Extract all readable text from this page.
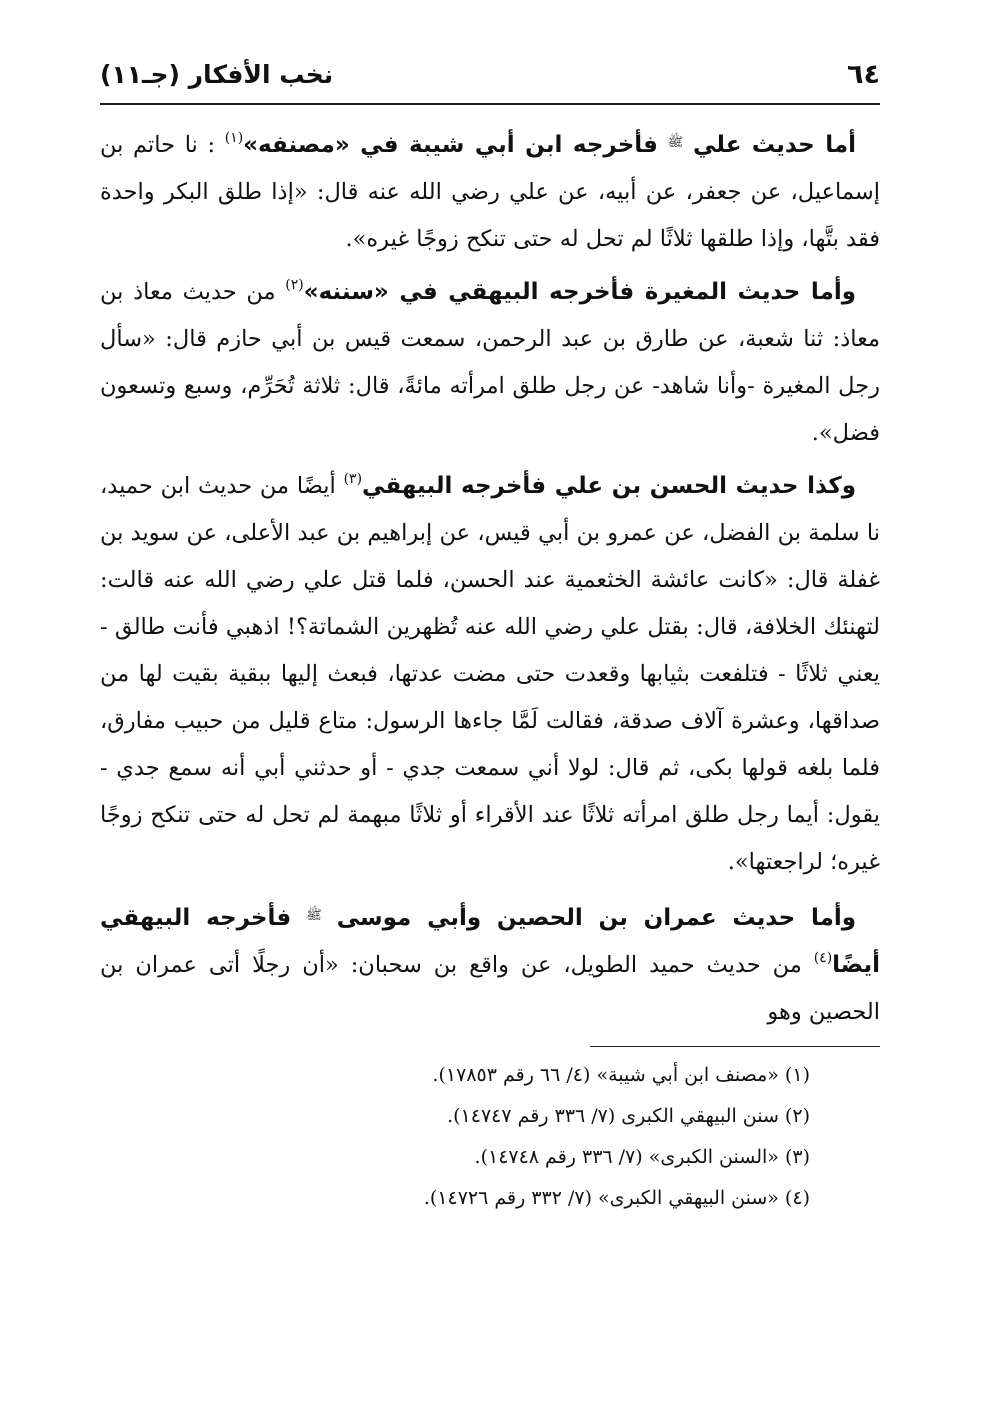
٦٤
نخب الأفكار (جـ١١)

أما حديث علي $^ﷺ$ فأخرجه ابن أبي شيبة في «مصنفه»$^{(١)}$ : نا حاتم بن إسماعيل، عن جعفر، عن أبيه، عن علي رضي الله عنه قال: «إذا طلق البكر واحدة فقد بتَّها، وإذا طلقها ثلاثًا لم تحل له حتى تنكح زوجًا غيره».

وأما حديث المغيرة فأخرجه البيهقي في «سننه»$^{(٢)}$ من حديث معاذ بن معاذ: ثنا شعبة، عن طارق بن عبد الرحمن، سمعت قيس بن أبي حازم قال: «سأل رجل المغيرة -وأنا شاهد- عن رجل طلق امرأته مائةً، قال: ثلاثة تُحَرِّم، وسبع وتسعون فضل».

وكذا حديث الحسن بن علي فأخرجه البيهقي$^{(٣)}$ أيضًا من حديث ابن حميد، نا سلمة بن الفضل، عن عمرو بن أبي قيس، عن إبراهيم بن عبد الأعلى، عن سويد بن غفلة قال: «كانت عائشة الخثعمية عند الحسن، فلما قتل علي رضي الله عنه قالت: لتهنئك الخلافة، قال: بقتل علي رضي الله عنه تُظهرين الشماتة؟! اذهبي فأنت طالق - يعني ثلاثًا - فتلفعت بثيابها وقعدت حتى مضت عدتها، فبعث إليها ببقية بقيت لها من صداقها، وعشرة آلاف صدقة، فقالت لَمَّا جاءها الرسول: متاع قليل من حبيب مفارق، فلما بلغه قولها بكى، ثم قال: لولا أني سمعت جدي - أو حدثني أبي أنه سمع جدي - يقول: أيما رجل طلق امرأته ثلاثًا عند الأقراء أو ثلاثًا مبهمة لم تحل له حتى تنكح زوجًا غيره؛ لراجعتها».

وأما حديث عمران بن الحصين وأبي موسى $^ﷺ$ فأخرجه البيهقي أيضًا$^{(٤)}$ من حديث حميد الطويل، عن واقع بن سحبان: «أن رجلًا أتى عمران بن الحصين وهو

(١) «مصنف ابن أبي شيبة» (٤/ ٦٦ رقم ١٧٨٥٣).
(٢) سنن البيهقي الكبرى (٧/ ٣٣٦ رقم ١٤٧٤٧).
(٣) «السنن الكبرى» (٧/ ٣٣٦ رقم ١٤٧٤٨).
(٤) «سنن البيهقي الكبرى» (٧/ ٣٣٢ رقم ١٤٧٢٦).
